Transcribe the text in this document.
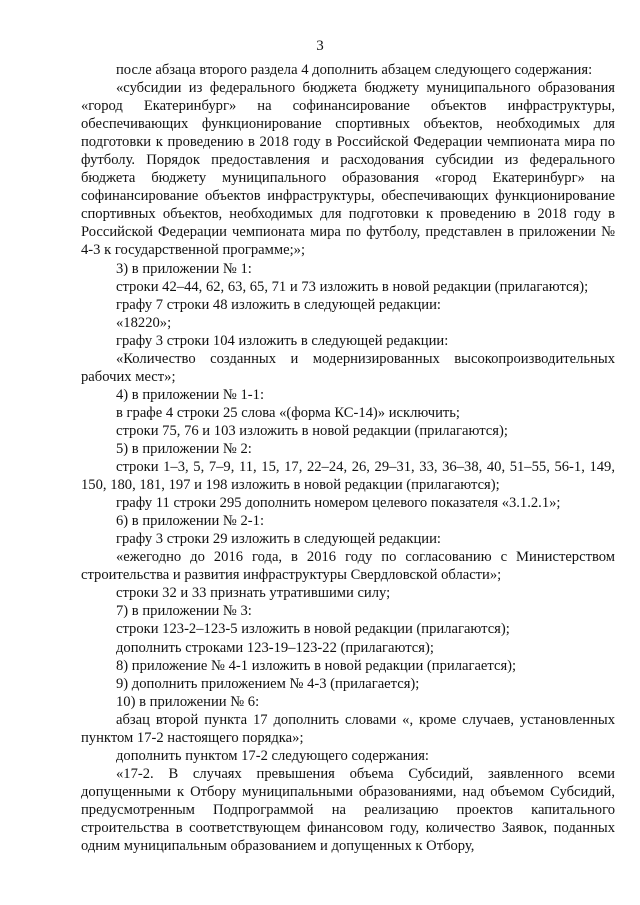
3

после абзаца второго раздела 4 дополнить абзацем следующего содержания:

«субсидии из федерального бюджета бюджету муниципального образования «город Екатеринбург» на софинансирование объектов инфраструктуры, обеспечивающих функционирование спортивных объектов, необходимых для подготовки к проведению в 2018 году в Российской Федерации чемпионата мира по футболу. Порядок предоставления и расходования субсидии из федерального бюджета бюджету муниципального образования «город Екатеринбург» на софинансирование объектов инфраструктуры, обеспечивающих функционирование спортивных объектов, необходимых для подготовки к проведению в 2018 году в Российской Федерации чемпионата мира по футболу, представлен в приложении № 4-3 к государственной программе;»;

3) в приложении № 1:

строки 42–44, 62, 63, 65, 71 и 73 изложить в новой редакции (прилагаются);

графу 7 строки 48 изложить в следующей редакции:

«18220»;

графу 3 строки 104 изложить в следующей редакции:

«Количество созданных и модернизированных высокопроизводительных рабочих мест»;

4) в приложении № 1-1:

в графе 4 строки 25 слова «(форма КС-14)» исключить;

строки 75, 76 и 103 изложить в новой редакции (прилагаются);

5) в приложении № 2:

строки 1–3, 5, 7–9, 11, 15, 17, 22–24, 26, 29–31, 33, 36–38, 40, 51–55, 56-1, 149, 150, 180, 181, 197 и 198 изложить в новой редакции (прилагаются);

графу 11 строки 295 дополнить номером целевого показателя «3.1.2.1»;

6) в приложении № 2-1:

графу 3 строки 29 изложить в следующей редакции:

«ежегодно до 2016 года, в 2016 году по согласованию с Министерством строительства и развития инфраструктуры Свердловской области»;

строки 32 и 33 признать утратившими силу;

7) в приложении № 3:

строки 123-2–123-5 изложить в новой редакции (прилагаются);

дополнить строками 123-19–123-22 (прилагаются);

8) приложение № 4-1 изложить в новой редакции (прилагается);

9) дополнить приложением № 4-3 (прилагается);

10) в приложении № 6:

абзац второй пункта 17 дополнить словами «, кроме случаев, установленных пунктом 17-2 настоящего порядка»;

дополнить пунктом 17-2 следующего содержания:

«17-2. В случаях превышения объема Субсидий, заявленного всеми допущенными к Отбору муниципальными образованиями, над объемом Субсидий, предусмотренным Подпрограммой на реализацию проектов капитального строительства в соответствующем финансовом году, количество Заявок, поданных одним муниципальным образованием и допущенных к Отбору,
